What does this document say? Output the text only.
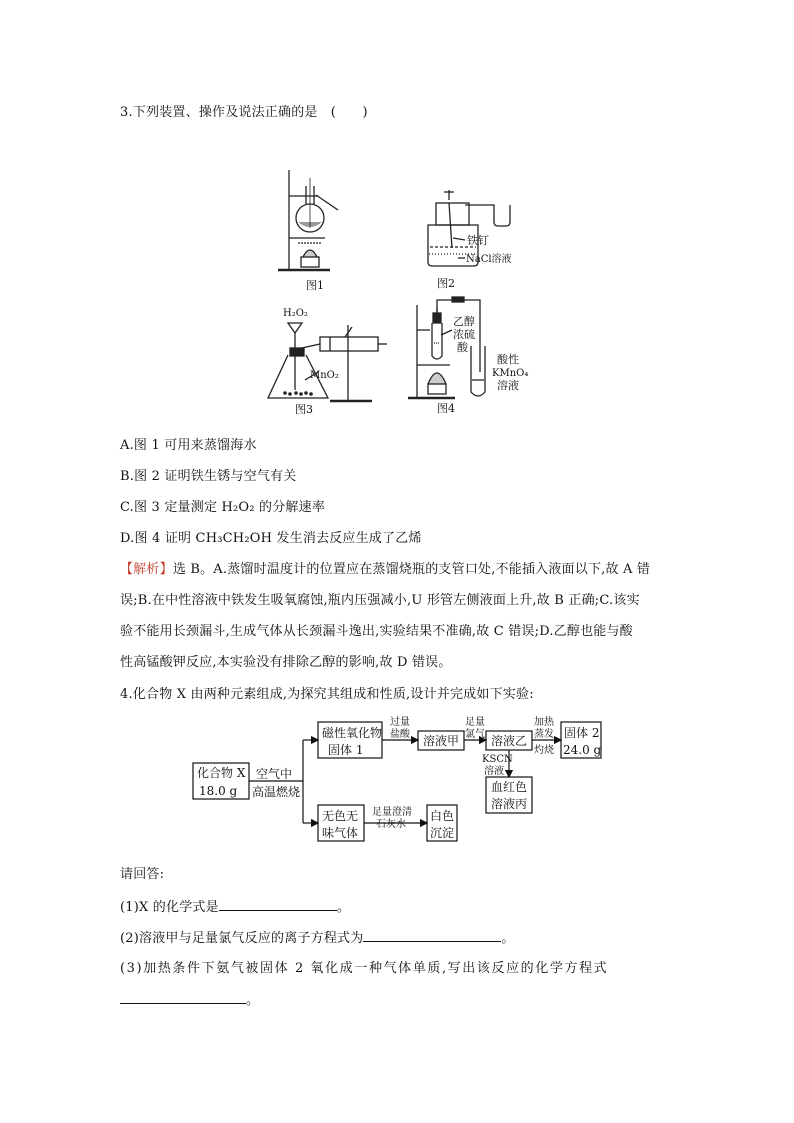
3.下列装置、操作及说法正确的是　(　　)
图1
铁钉
NaCl溶液
图2
H₂O₂
MnO₂
图3
乙醇
浓硫
酸
酸性
KMnO₄
溶液
图4
A.图 1 可用来蒸馏海水
B.图 2 证明铁生锈与空气有关
C.图 3 定量测定 H₂O₂ 的分解速率
D.图 4 证明 CH₃CH₂OH 发生消去反应生成了乙烯
【解析】选 B。A.蒸馏时温度计的位置应在蒸馏烧瓶的支管口处,不能插入液面以下,故 A 错
误;B.在中性溶液中铁发生吸氧腐蚀,瓶内压强减小,U 形管左侧液面上升,故 B 正确;C.该实
验不能用长颈漏斗,生成气体从长颈漏斗逸出,实验结果不准确,故 C 错误;D.乙醇也能与酸
性高锰酸钾反应,本实验没有排除乙醇的影响,故 D 错误。
4.化合物 X 由两种元素组成,为探究其组成和性质,设计并完成如下实验:
化合物 X
18.0 g
空气中
高温燃烧
磁性氧化物
固体 1
溶液甲	溶液乙
固体 2
24.0 g
血红色
溶液丙
无色无
味气体
白色
沉淀
过量
盐酸
足量
氯气
加热
蒸发
灼烧
KSCN
溶液
足量澄清
石灰水
请回答:
(1)X 的化学式是	。
(2)溶液甲与足量氯气反应的离子方程式为	。
(3)加热条件下氨气被固体 2 氧化成一种气体单质,写出该反应的化学方程式
。
